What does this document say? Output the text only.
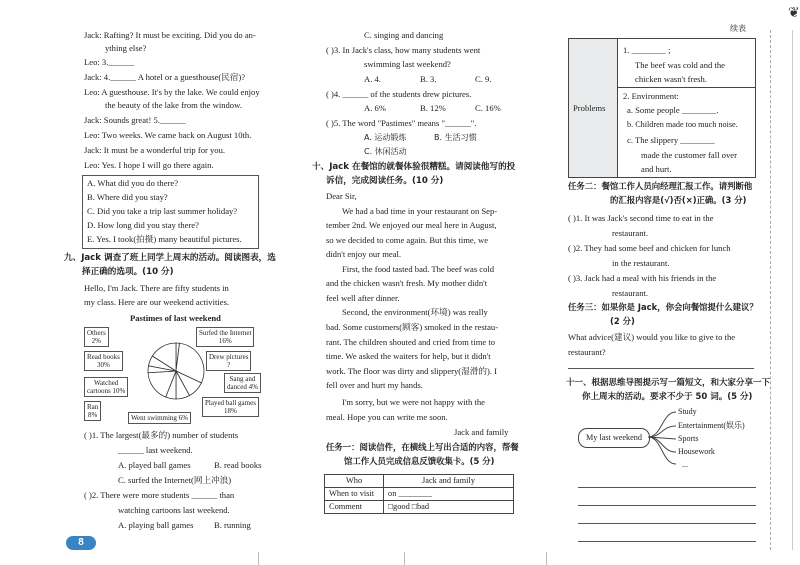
Jack: Rafting? It must be exciting. Did you do an-
ything else?
Leo: 3.______
Jack: 4.______ A hotel or a guesthouse(民宿)?
Leo: A guesthouse. It's by the lake. We could enjoy
the beauty of the lake from the window.
Jack: Sounds great! 5.______
Leo: Two weeks. We came back on August 10th.
Jack: It must be a wonderful trip for you.
Leo: Yes. I hope I will go there again.
A. What did you do there?
B. Where did you stay?
C. Did you take a trip last summer holiday?
D. How long did you stay there?
E. Yes. I took(拍摄) many beautiful pictures.
九、Jack 调查了班上同学上周末的活动。阅读图表，选
择正确的选项。(10 分)
Hello, I'm Jack. There are fifty students in
my class. Here are our weekend activities.
Pastimes of last weekend
Others
2%
Read books
30%
Watched
cartoons 10%
Ran
8%
Surfed the Internet
16%
Drew pictures
?
Sang and
danced 4%
Played ball games
18%
Went swimming 6%
( )1. The largest(最多的) number of students
______ last weekend.
A. played ball games	B. read books
C. surfed the Internet(网上冲浪)
( )2. There were more students ______ than
watching cartoons last weekend.
A. playing ball games B. running
8
C. singing and dancing
( )3. In Jack's class, how many students went
swimming last weekend?
A. 4.	B. 3.	C. 9.
( )4. ______ of the students drew pictures.
A. 6%	B. 12%	C. 16%
( )5. The word "Pastimes" means "______".
A. 运动锻炼	B. 生活习惯
C. 休闲活动
十、Jack 在餐馆的就餐体验很糟糕。请阅读他写的投
诉信，完成阅读任务。(10 分)
Dear Sir,
We had a bad time in your restaurant on Sep-
tember 2nd. We enjoyed our meal here in August,
so we decided to come again. But this time, we
didn't enjoy our meal.
First, the food tasted bad. The beef was cold
and the chicken wasn't fresh. My mother didn't
feel well after dinner.
Second, the environment(环境) was really
bad. Some customers(顾客) smoked in the restau-
rant. The children shouted and cried from time to
time. We asked the waiters for help, but it didn't
work. The floor was dirty and slippery(湿滑的). I
fell over and hurt my hands.
I'm sorry, but we were not happy with the
meal. Hope you can write me soon.
Jack and family
任务一：阅读信件，在横线上写出合适的内容，帮餐
馆工作人员完成信息反馈收集卡。(5 分)
Who	Jack and family
When to visit	on ________
Comment	□good □bad
续表
❦
Problems
1. ________ ;
The beef was cold and the
chicken wasn't fresh.
2. Environment:
a. Some people ________.
b. Children made too much noise.
c. The slippery ________
made the customer fall over
and hurt.
任务二：餐馆工作人员向经理汇报工作。请判断他
的汇报内容是(√)否(×)正确。(3 分)
( )1. It was Jack's second time to eat in the
restaurant.
( )2. They had some beef and chicken for lunch
in the restaurant.
( )3. Jack had a meal with his friends in the
restaurant.
任务三：如果你是 Jack，你会向餐馆提什么建议？
(2 分)
What advice(建议) would you like to give to the
restaurant?
十一、根据思维导图提示写一篇短文，和大家分享一下
你上周末的活动。要求不少于 50 词。(5 分)
My last weekend
Study
Entertainment(娱乐)
Sports
Housework
...
